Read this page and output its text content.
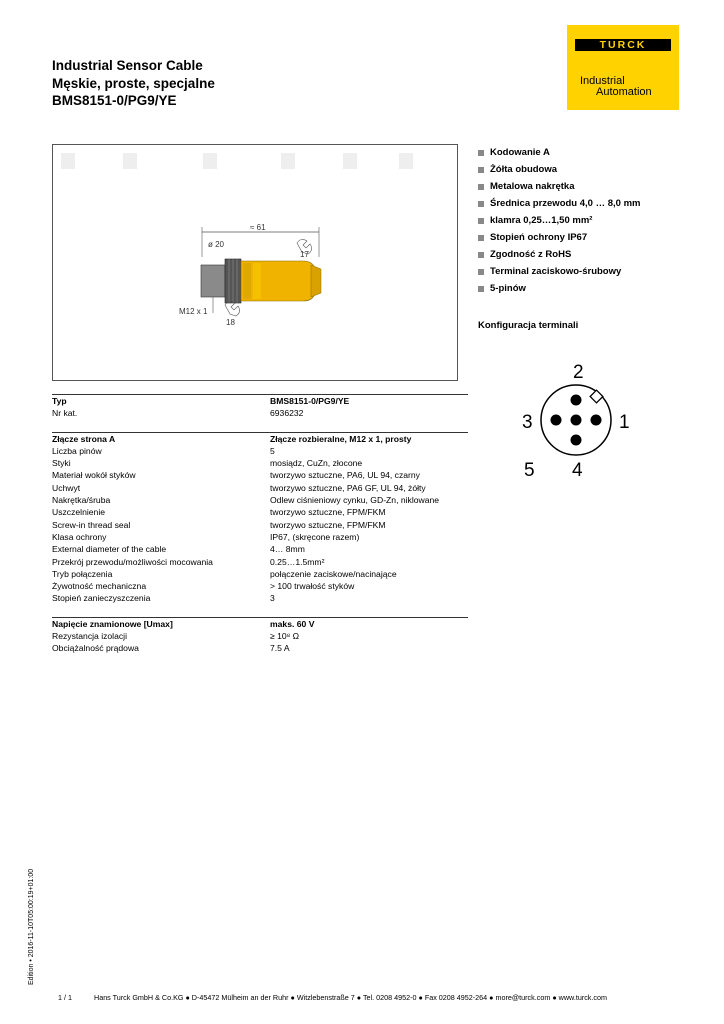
Industrial Sensor Cable
Męskie, proste, specjalne
BMS8151-0/PG9/YE
TURCK
Industrial
Automation
≈ 61
ø 20
17
M12 x 1
18
Kodowanie A
Żółta obudowa
Metalowa nakrętka
Średnica przewodu 4,0 … 8,0 mm
klamra 0,25…1,50 mm²
Stopień ochrony IP67
Zgodność z RoHS
Terminal zaciskowo-śrubowy
5-pinów
Konfiguracja terminali
1
2
3
4
5
Typ	BMS8151-0/PG9/YE
Nr kat.	6936232
Złącze strona A	Złącze rozbieralne, M12 x 1, prosty
Liczba pinów	5
Styki	mosiądz, CuZn, złocone
Materiał wokół styków	tworzywo sztuczne, PA6, UL 94, czarny
Uchwyt	tworzywo sztuczne, PA6 GF, UL 94, żółty
Nakrętka/śruba	Odlew ciśnieniowy cynku, GD-Zn, niklowane
Uszczelnienie	tworzywo sztuczne, FPM/FKM
Screw-in thread seal	tworzywo sztuczne, FPM/FKM
Klasa ochrony	IP67, (skręcone razem)
External diameter of the cable	4… 8mm
Przekrój przewodu/możliwości mocowania	0.25…1.5mm²
Tryb połączenia	połączenie zaciskowe/nacinające
Żywotność mechaniczna	> 100 trwałość styków
Stopień zanieczyszczenia	3
Napięcie znamionowe [Umax]	maks. 60 V
Rezystancja izolacji	≥ 10⁸ Ω
Obciążalność prądowa	7.5 A
Edition • 2016-11-10T05:00:19+01:00
1 / 1	Hans Turck GmbH & Co.KG ● D-45472 Mülheim an der Ruhr ● Witzlebenstraße 7 ● Tel. 0208 4952-0 ● Fax 0208 4952-264 ● more@turck.com ● www.turck.com
